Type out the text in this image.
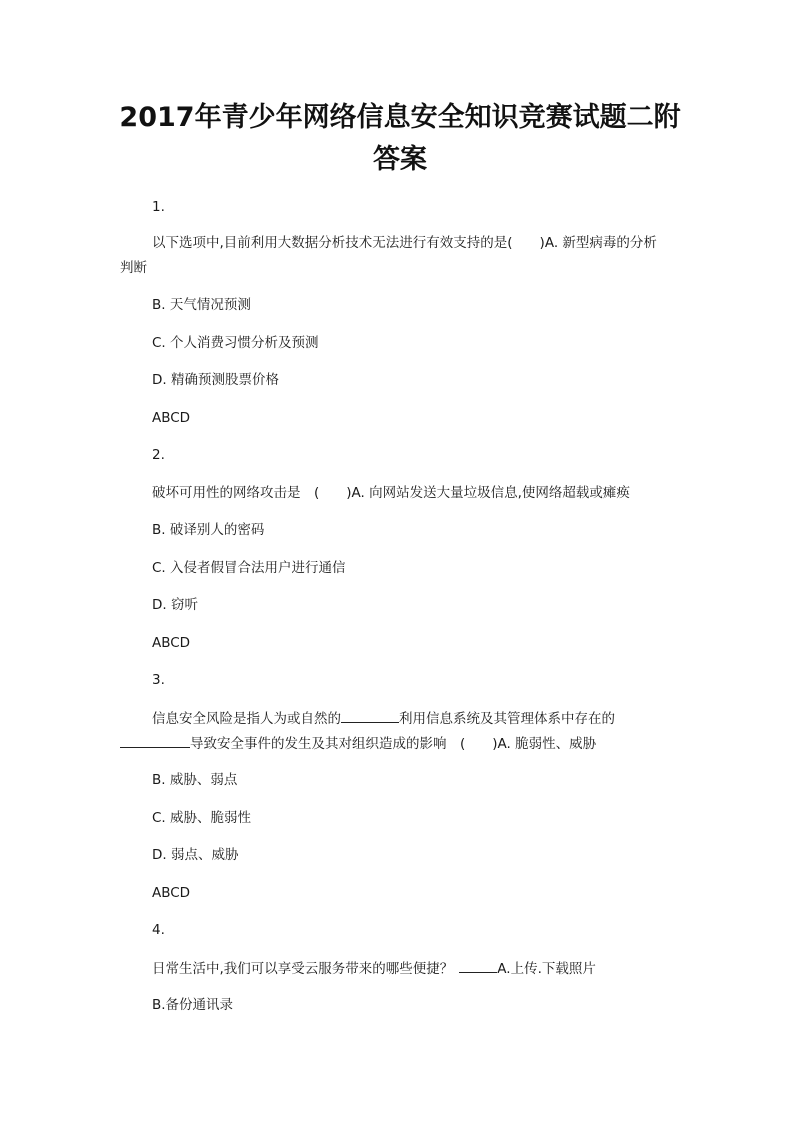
2017年青少年网络信息安全知识竞赛试题二附
答案
1.
以下选项中,目前利用大数据分析技术无法进行有效支持的是(　　)A. 新型病毒的分析
判断
B. 天气情况预测
C. 个人消费习惯分析及预测
D. 精确预测股票价格
ABCD
2.
破坏可用性的网络攻击是　(　　)A. 向网站发送大量垃圾信息,使网络超载或瘫痪
B. 破译别人的密码
C. 入侵者假冒合法用户进行通信
D. 窃听
ABCD
3.
信息安全风险是指人为或自然的	利用信息系统及其管理体系中存在的
导致安全事件的发生及其对组织造成的影响　(　　)A. 脆弱性、威胁
B. 威胁、弱点
C. 威胁、脆弱性
D. 弱点、威胁
ABCD
4.
日常生活中,我们可以享受云服务带来的哪些便捷？	A.上传.下载照片
B.备份通讯录
